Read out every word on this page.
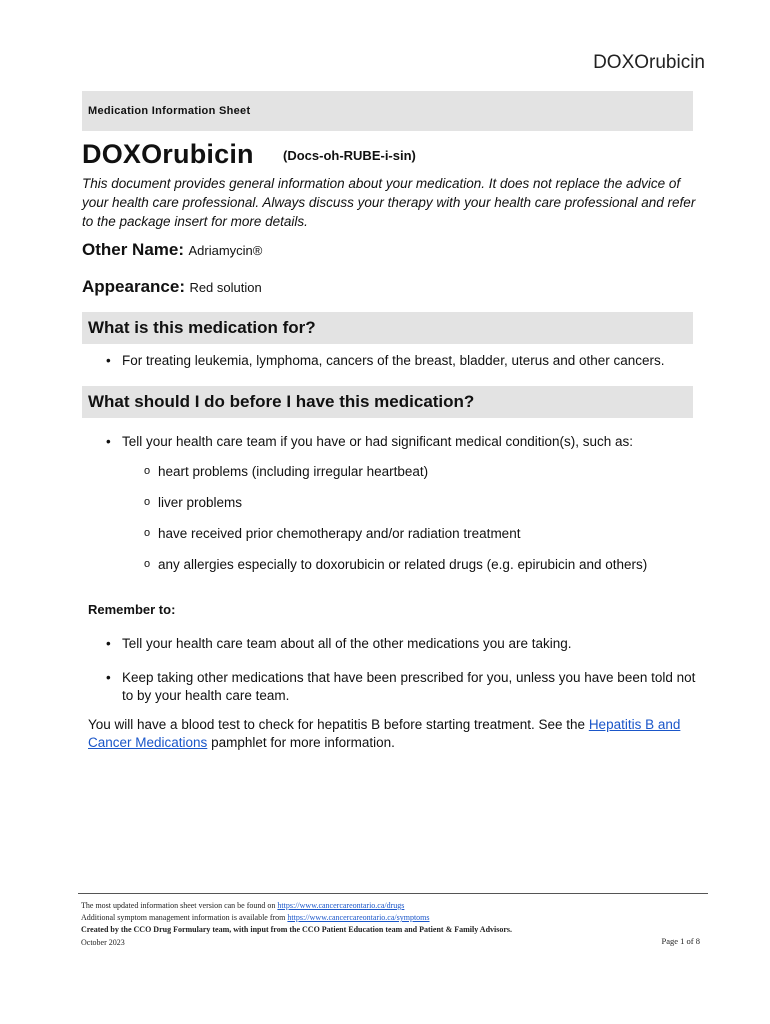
DOXOrubicin
Medication Information Sheet
DOXOrubicin (Docs-oh-RUBE-i-sin)
This document provides general information about your medication. It does not replace the advice of your health care professional. Always discuss your therapy with your health care professional and refer to the package insert for more details.
Other Name: Adriamycin®
Appearance: Red solution
What is this medication for?
• For treating leukemia, lymphoma, cancers of the breast, bladder, uterus and other cancers.
What should I do before I have this medication?
• Tell your health care team if you have or had significant medical condition(s), such as:
o heart problems (including irregular heartbeat)
o liver problems
o have received prior chemotherapy and/or radiation treatment
o any allergies especially to doxorubicin or related drugs (e.g. epirubicin and others)
Remember to:
• Tell your health care team about all of the other medications you are taking.
• Keep taking other medications that have been prescribed for you, unless you have been told not to by your health care team.
You will have a blood test to check for hepatitis B before starting treatment. See the Hepatitis B and Cancer Medications pamphlet for more information.
The most updated information sheet version can be found on https://www.cancercareontario.ca/drugs
Additional symptom management information is available from https://www.cancercareontario.ca/symptoms
Created by the CCO Drug Formulary team, with input from the CCO Patient Education team and Patient & Family Advisors.
October 2023	Page 1 of 8
